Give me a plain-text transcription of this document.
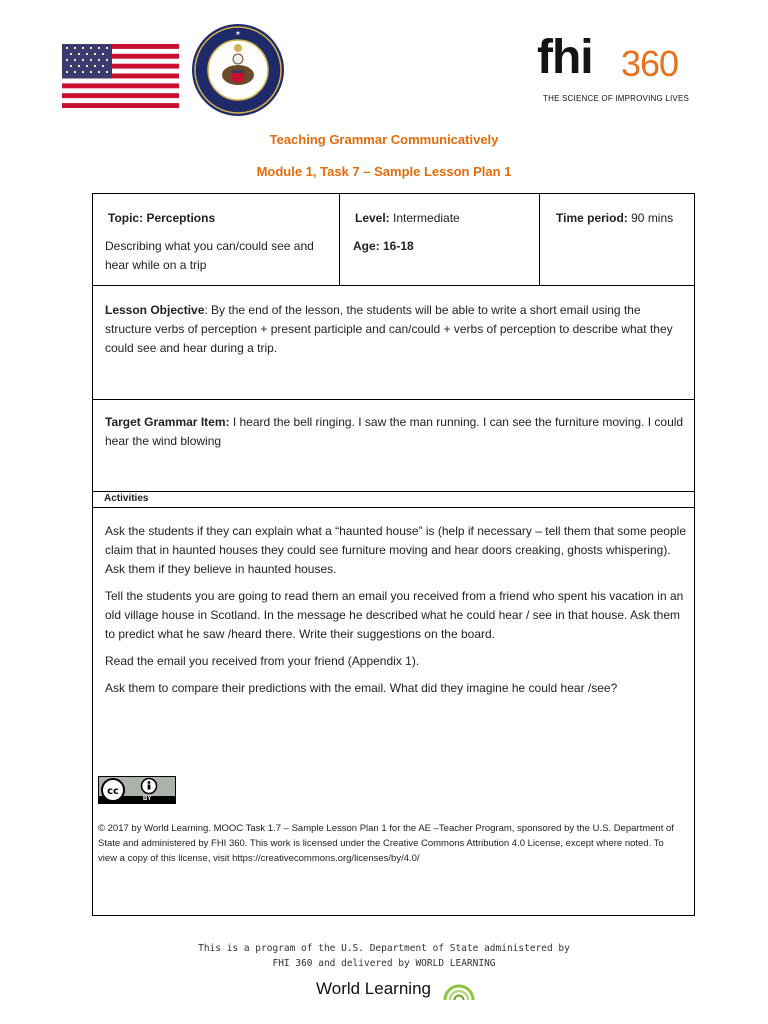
★	fhi 360
THE SCIENCE OF IMPROVING LIVES
Teaching Grammar Communicatively
Module 1, Task 7 – Sample Lesson Plan 1
Topic: Perceptions
Describing what you can/could see and hear while on a trip
Level: Intermediate
Age: 16-18
Time period: 90 mins
Lesson Objective: By the end of the lesson, the students will be able to write a short email using the structure verbs of perception + present participle and can/could + verbs of perception to describe what they could see and hear during a trip.
Target Grammar Item: I heard the bell ringing. I saw the man running. I can see the furniture moving. I could hear the wind blowing
Activities

Ask the students if they can explain what a “haunted house” is (help if necessary – tell them that some people claim that in haunted houses they could see furniture moving and hear doors creaking, ghosts whispering). Ask them if they believe in haunted houses.

Tell the students you are going to read them an email you received from a friend who spent his vacation in an old village house in Scotland. In the message he described what he could hear / see in that house. Ask them to predict what he saw /heard there. Write their suggestions on the board.

Read the email you received from your friend (Appendix 1).

Ask them to compare their predictions with the email. What did they imagine he could hear /see?

cc
BY
© 2017 by World Learning. MOOC Task 1.7 – Sample Lesson Plan 1 for the AE –Teacher Program, sponsored by the U.S. Department of State and administered by FHI 360. This work is licensed under the Creative Commons Attribution 4.0 License, except where noted. To view a copy of this license, visit https://creativecommons.org/licenses/by/4.0/
This is a program of the U.S. Department of State administered by
FHI 360 and delivered by WORLD LEARNING
World Learning
